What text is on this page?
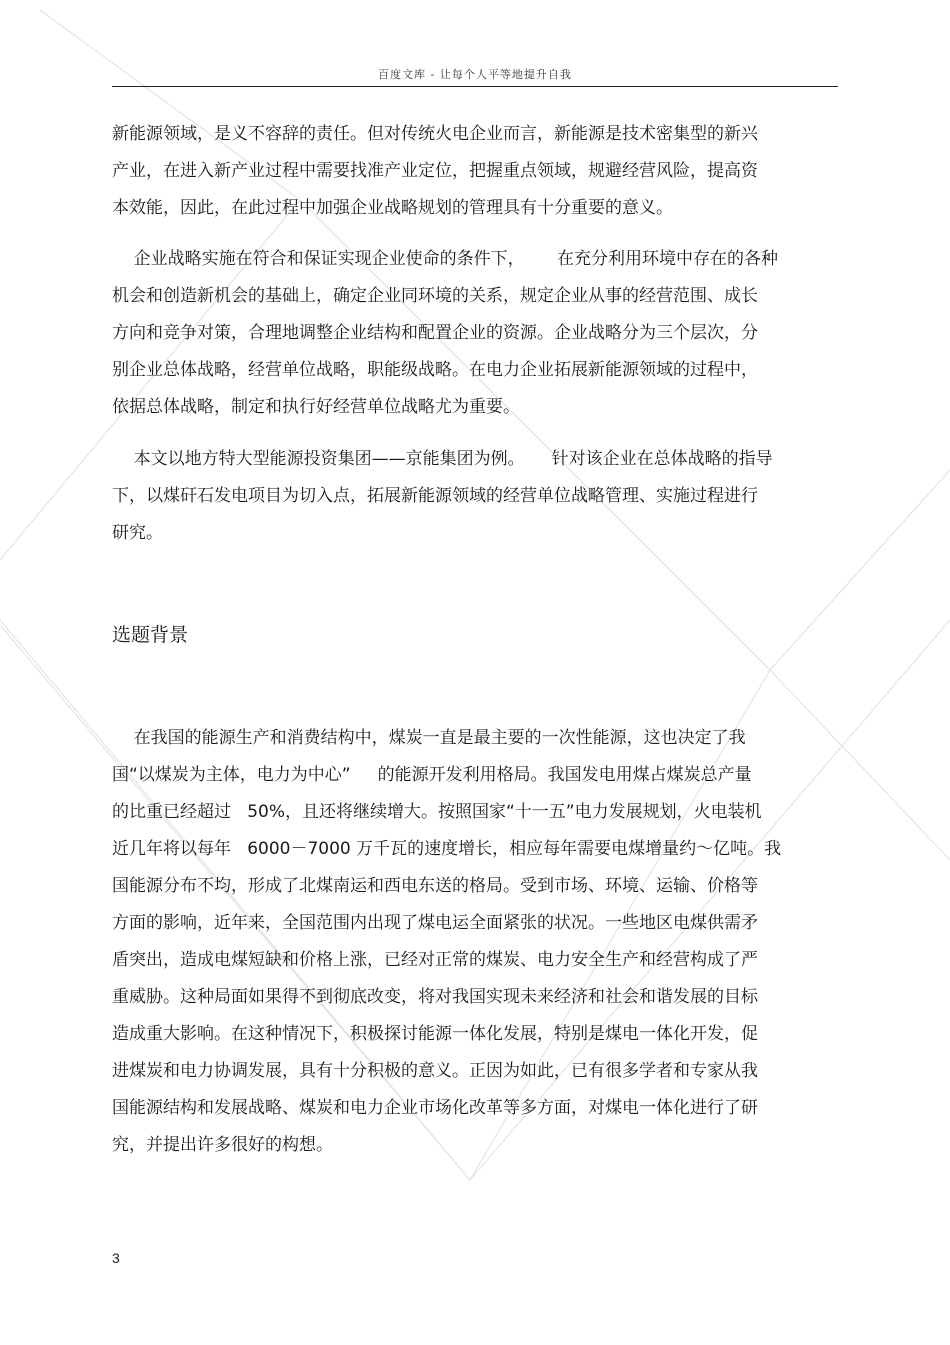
百度文库 - 让每个人平等地提升自我
新能源领域，是义不容辞的责任。但对传统火电企业而言，新能源是技术密集型的新兴
产业，在进入新产业过程中需要找准产业定位，把握重点领域，规避经营风险，提高资
本效能，因此，在此过程中加强企业战略规划的管理具有十分重要的意义。
企业战略实施在符合和保证实现企业使命的条件下，      在充分利用环境中存在的各种
机会和创造新机会的基础上，确定企业同环境的关系，规定企业从事的经营范围、成长
方向和竞争对策，合理地调整企业结构和配置企业的资源。企业战略分为三个层次，分
别企业总体战略，经营单位战略，职能级战略。在电力企业拓展新能源领域的过程中，
依据总体战略，制定和执行好经营单位战略尤为重要。
本文以地方特大型能源投资集团——京能集团为例。     针对该企业在总体战略的指导
下，以煤矸石发电项目为切入点，拓展新能源领域的经营单位战略管理、实施过程进行
研究。
选题背景
在我国的能源生产和消费结构中，煤炭一直是最主要的一次性能源，这也决定了我
国“以煤炭为主体，电力为中心”     的能源开发利用格局。我国发电用煤占煤炭总产量
的比重已经超过   50%，且还将继续增大。按照国家“十一五”电力发展规划，火电装机
近几年将以每年   6000－7000 万千瓦的速度增长，相应每年需要电煤增量约～亿吨。我
国能源分布不均，形成了北煤南运和西电东送的格局。受到市场、环境、运输、价格等
方面的影响，近年来，全国范围内出现了煤电运全面紧张的状况。一些地区电煤供需矛
盾突出，造成电煤短缺和价格上涨，已经对正常的煤炭、电力安全生产和经营构成了严
重威胁。这种局面如果得不到彻底改变，将对我国实现未来经济和社会和谐发展的目标
造成重大影响。在这种情况下，积极探讨能源一体化发展，特别是煤电一体化开发，促
进煤炭和电力协调发展，具有十分积极的意义。正因为如此，已有很多学者和专家从我
国能源结构和发展战略、煤炭和电力企业市场化改革等多方面，对煤电一体化进行了研
究，并提出许多很好的构想。
3
